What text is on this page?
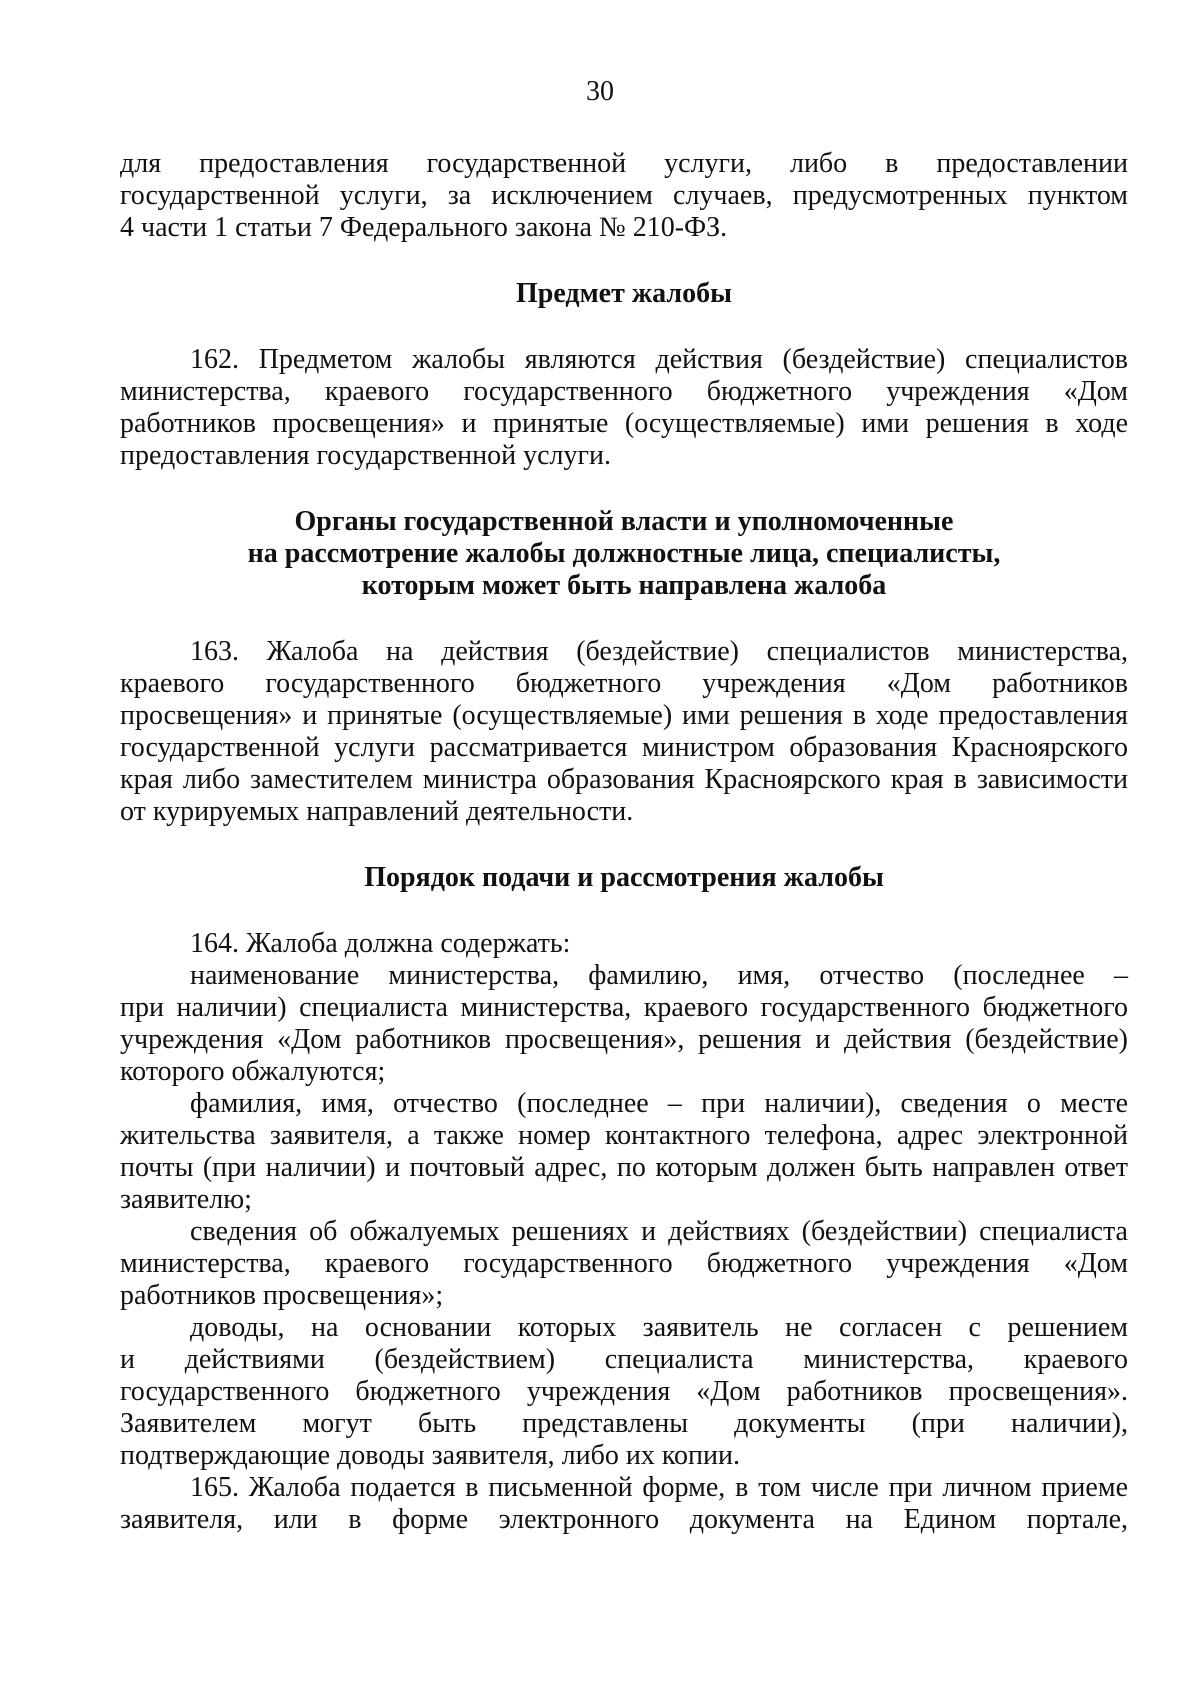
30
для предоставления государственной услуги, либо в предоставлении
государственной услуги, за исключением случаев, предусмотренных пунктом
4 части 1 статьи 7 Федерального закона № 210-ФЗ.
Предмет жалобы
162. Предметом жалобы являются действия (бездействие) специалистов
министерства, краевого государственного бюджетного учреждения «Дом
работников просвещения» и принятые (осуществляемые) ими решения в ходе
предоставления государственной услуги.
Органы государственной власти и уполномоченные
на рассмотрение жалобы должностные лица, специалисты,
которым может быть направлена жалоба
163. Жалоба на действия (бездействие) специалистов министерства,
краевого государственного бюджетного учреждения «Дом работников
просвещения» и принятые (осуществляемые) ими решения в ходе предоставления
государственной услуги рассматривается министром образования Красноярского
края либо заместителем министра образования Красноярского края в зависимости
от курируемых направлений деятельности.
Порядок подачи и рассмотрения жалобы
164. Жалоба должна содержать:
наименование министерства, фамилию, имя, отчество (последнее –
при наличии) специалиста министерства, краевого государственного бюджетного
учреждения «Дом работников просвещения», решения и действия (бездействие)
которого обжалуются;
фамилия, имя, отчество (последнее – при наличии), сведения о месте
жительства заявителя, а также номер контактного телефона, адрес электронной
почты (при наличии) и почтовый адрес, по которым должен быть направлен ответ
заявителю;
сведения об обжалуемых решениях и действиях (бездействии) специалиста
министерства, краевого государственного бюджетного учреждения «Дом
работников просвещения»;
доводы, на основании которых заявитель не согласен с решением
и действиями (бездействием) специалиста министерства, краевого
государственного бюджетного учреждения «Дом работников просвещения».
Заявителем могут быть представлены документы (при наличии),
подтверждающие доводы заявителя, либо их копии.
165. Жалоба подается в письменной форме, в том числе при личном приеме
заявителя, или в форме электронного документа на Едином портале,
